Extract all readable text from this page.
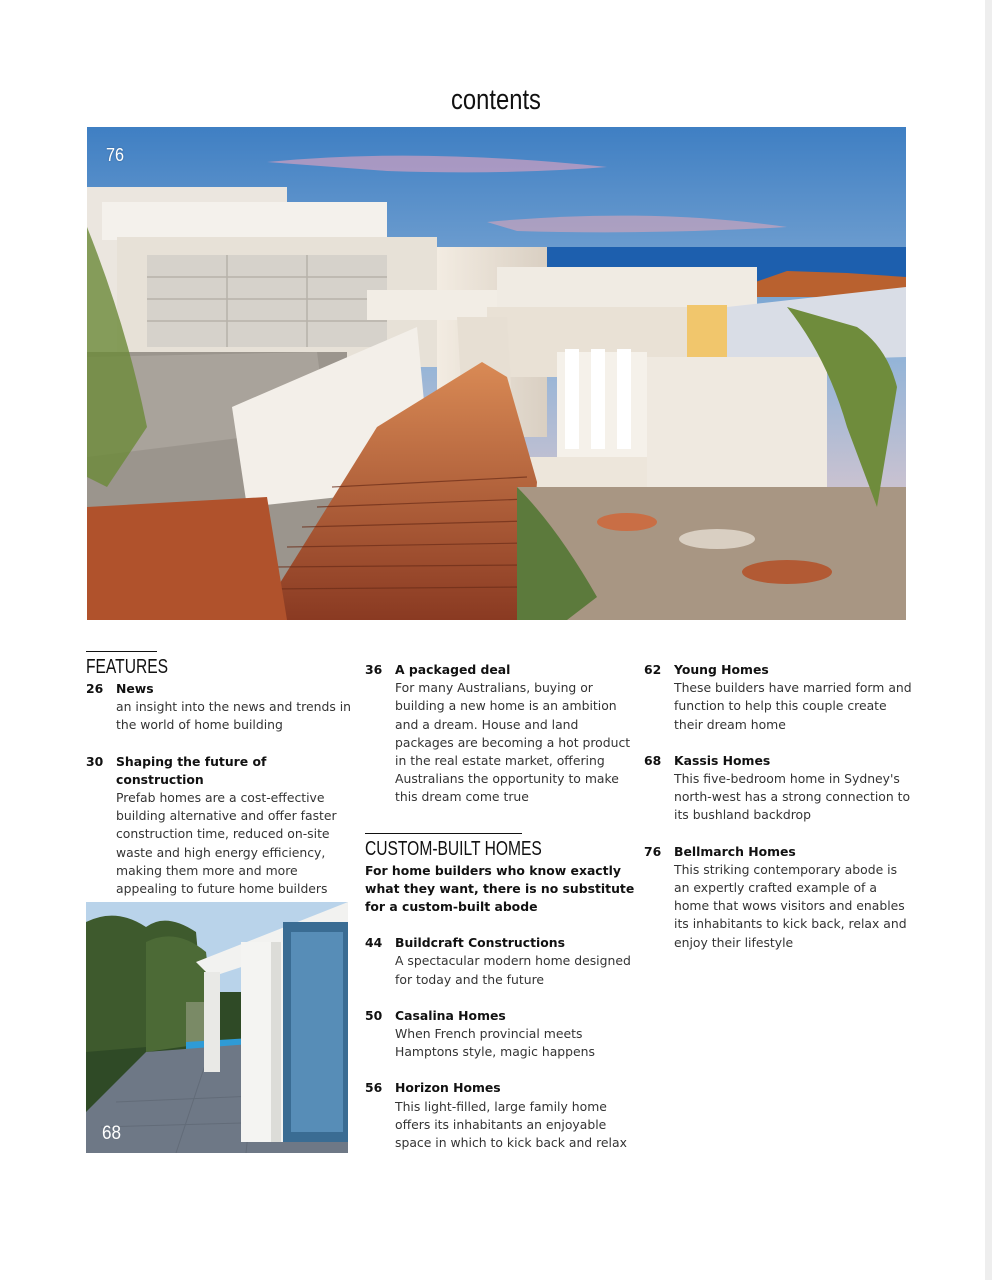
contents
76
FEATURES
26 News
an insight into the news and trends in the world of home building
30 Shaping the future of construction
Prefab homes are a cost-effective building alternative and offer faster construction time, reduced on-site waste and high energy efficiency, making them more and more appealing to future home builders
68
36 A packaged deal
For many Australians, buying or building a new home is an ambition and a dream. House and land packages are becoming a hot product in the real estate market, offering Australians the opportunity to make this dream come true
CUSTOM-BUILT HOMES
For home builders who know exactly what they want, there is no substitute for a custom-built abode
44 Buildcraft Constructions
A spectacular modern home designed for today and the future
50 Casalina Homes
When French provincial meets Hamptons style, magic happens
56 Horizon Homes
This light-filled, large family home offers its inhabitants an enjoyable space in which to kick back and relax
62 Young Homes
These builders have married form and function to help this couple create their dream home
68 Kassis Homes
This five-bedroom home in Sydney's north-west has a strong connection to its bushland backdrop
76 Bellmarch Homes
This striking contemporary abode is an expertly crafted example of a home that wows visitors and enables its inhabitants to kick back, relax and enjoy their lifestyle
